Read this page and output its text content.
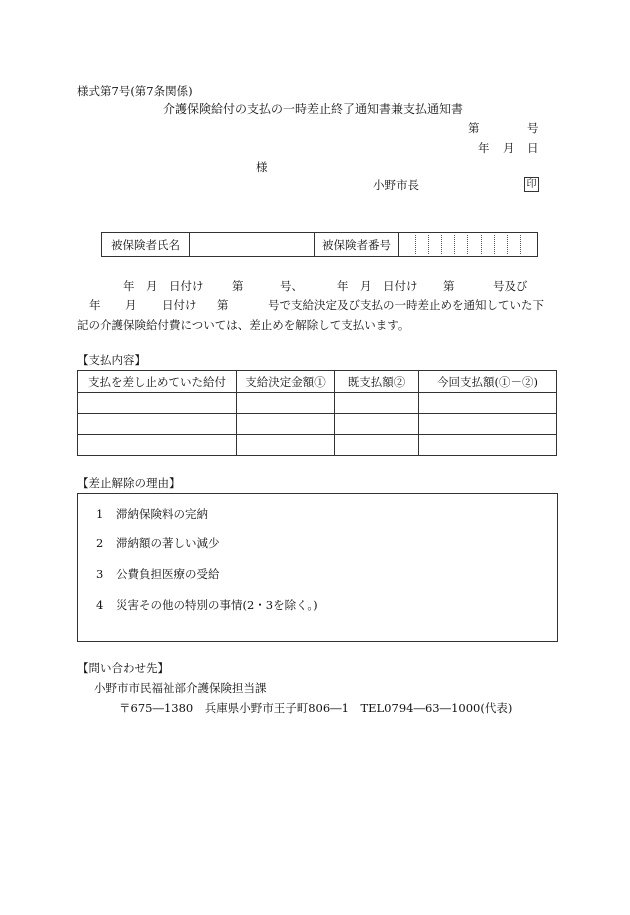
様式第7号(第7条関係)
介護保険給付の支払の一時差止終了通知書兼支払通知書
第	号
年 月 日
様
小野市長	印
被保険者氏名		被保険者番号	
年　月　日付け 第	号、	年　月　日付け 第	号及び
年 月 日付け 第	号で支給決定及び支払の一時差止めを通知していた下
記の介護保険給付費については、差止めを解除して支払います。
【支払内容】
支払を差し止めていた給付	支給決定金額①	既支払額②	今回支払額(①－②)

【差止解除の理由】
1 滞納保険料の完納
2 滞納額の著しい減少
3 公費負担医療の受給
4 災害その他の特別の事情(2・3を除く。)
【問い合わせ先】
小野市市民福祉部介護保険担当課
〒675―1380　兵庫県小野市王子町806―1　TEL0794―63―1000(代表)
